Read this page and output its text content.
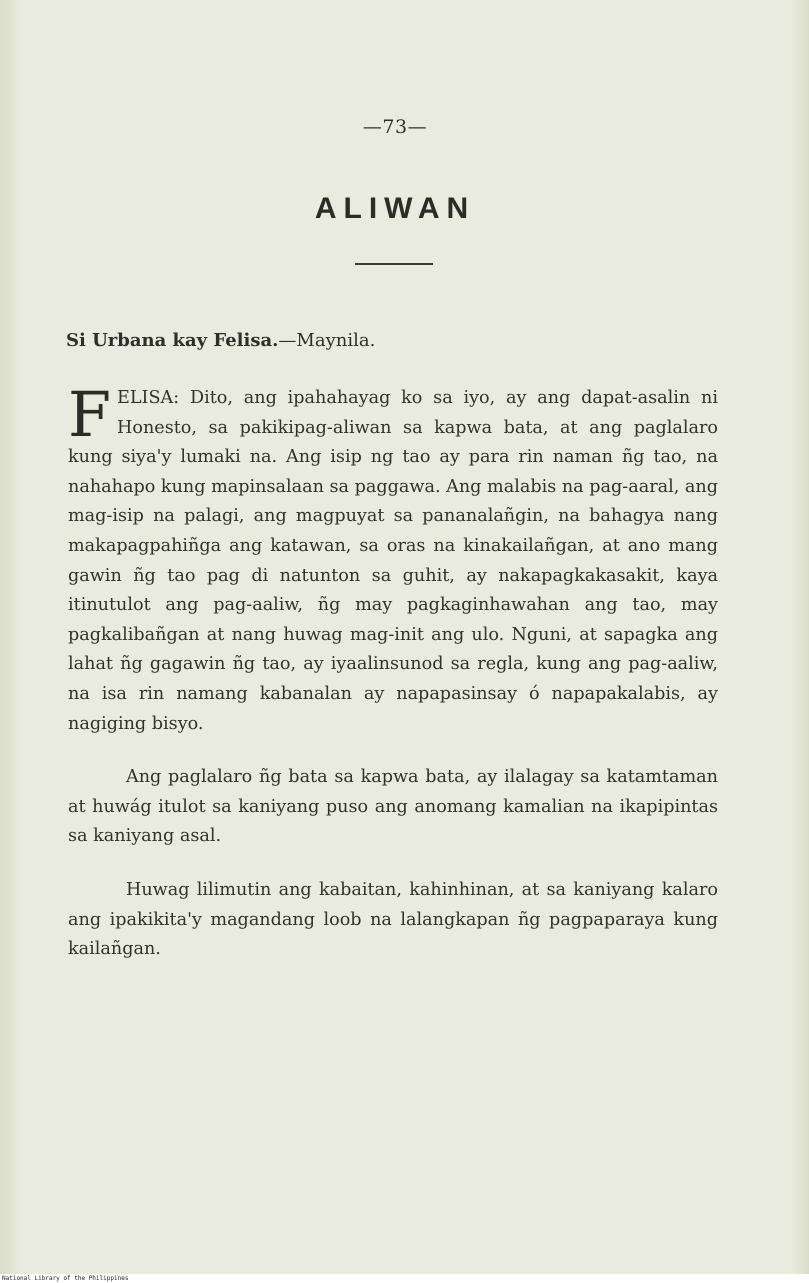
—73—
ALIWAN
Si Urbana kay Felisa.—Maynila.

FELISA: Dito, ang ipahahayag ko sa iyo, ay ang dapat-asalin ni Honesto, sa pakikipag-aliwan sa kapwa bata, at ang paglalaro kung siya'y lumaki na. Ang isip ng tao ay para rin naman ñg tao, na nahahapo kung mapinsalaan sa paggawa. Ang malabis na pag-aaral, ang mag-isip na palagi, ang magpuyat sa pananalañgin, na bahagya nang makapagpahiñga ang katawan, sa oras na kinakailañgan, at ano mang gawin ñg tao pag di natunton sa guhit, ay nakapagkakasakit, kaya itinutulot ang pag-aaliw, ñg may pagkaginhawahan ang tao, may pagkalibañgan at nang huwag mag-init ang ulo. Nguni, at sapagka ang lahat ñg gagawin ñg tao, ay iyaalinsunod sa regla, kung ang pag-aaliw, na isa rin namang kabanalan ay napapasinsay ó napapakalabis, ay nagiging bisyo.

Ang paglalaro ñg bata sa kapwa bata, ay ilalagay sa katamtaman at huwág itulot sa kaniyang puso ang anomang kamalian na ikapipintas sa kaniyang asal.

Huwag lilimutin ang kabaitan, kahinhinan, at sa kaniyang kalaro ang ipakikita'y magandang loob na lalangkapan ñg pagpaparaya kung kailañgan.

National Library of the Philippines
